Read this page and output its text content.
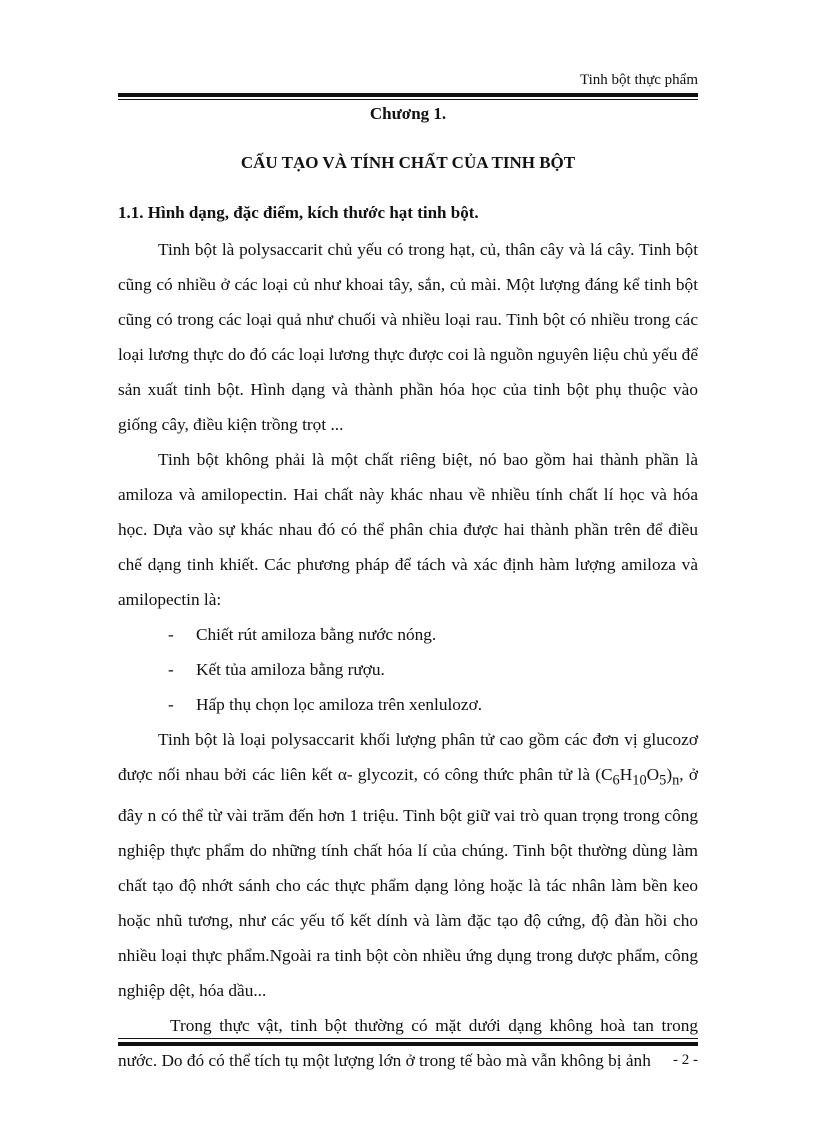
Tinh bột thực phẩm
Chương 1.
CẤU TẠO VÀ TÍNH CHẤT CỦA TINH BỘT
1.1. Hình dạng, đặc điểm, kích thước hạt tinh bột.

Tinh bột là polysaccarit chủ yếu có trong hạt, củ, thân cây và lá cây. Tinh bột cũng có nhiều ở các loại củ như khoai tây, sắn, củ mài. Một lượng đáng kể tinh bột cũng có trong các loại quả như chuối và nhiều loại rau. Tinh bột có nhiều trong các loại lương thực do đó các loại lương thực được coi là nguồn nguyên liệu chủ yếu để sản xuất tinh bột. Hình dạng và thành phần hóa học của tinh bột phụ thuộc vào giống cây, điều kiện trồng trọt ...

Tinh bột không phải là một chất riêng biệt, nó bao gồm hai thành phần là amiloza và amilopectin. Hai chất này khác nhau về nhiều tính chất lí học và hóa học. Dựa vào sự khác nhau đó có thể phân chia được hai thành phần trên để điều chế dạng tinh khiết. Các phương pháp để tách và xác định hàm lượng amiloza và amilopectin là:

- Chiết rút amiloza bằng nước nóng.
- Kết tủa amiloza bằng rượu.
- Hấp thụ chọn lọc amiloza trên xenlulozơ.

Tinh bột là loại polysaccarit khối lượng phân tử cao gồm các đơn vị glucozơ được nối nhau bởi các liên kết α- glycozit, có công thức phân tử là $(C_6H_{10}O_5)_n$, ở đây n có thể từ vài trăm đến hơn 1 triệu. Tinh bột giữ vai trò quan trọng trong công nghiệp thực phẩm do những tính chất hóa lí của chúng. Tinh bột thường dùng làm chất tạo độ nhớt sánh cho các thực phẩm dạng lỏng hoặc là tác nhân làm bền keo hoặc nhũ tương, như các yếu tố kết dính và làm đặc tạo độ cứng, độ đàn hồi cho nhiều loại thực phẩm.Ngoài ra tinh bột còn nhiều ứng dụng trong dược phẩm, công nghiệp dệt, hóa dầu...

Trong thực vật, tinh bột thường có mặt dưới dạng không hoà tan trong nước. Do đó có thể tích tụ một lượng lớn ở trong tế bào mà vẫn không bị ảnh	- 2 -
